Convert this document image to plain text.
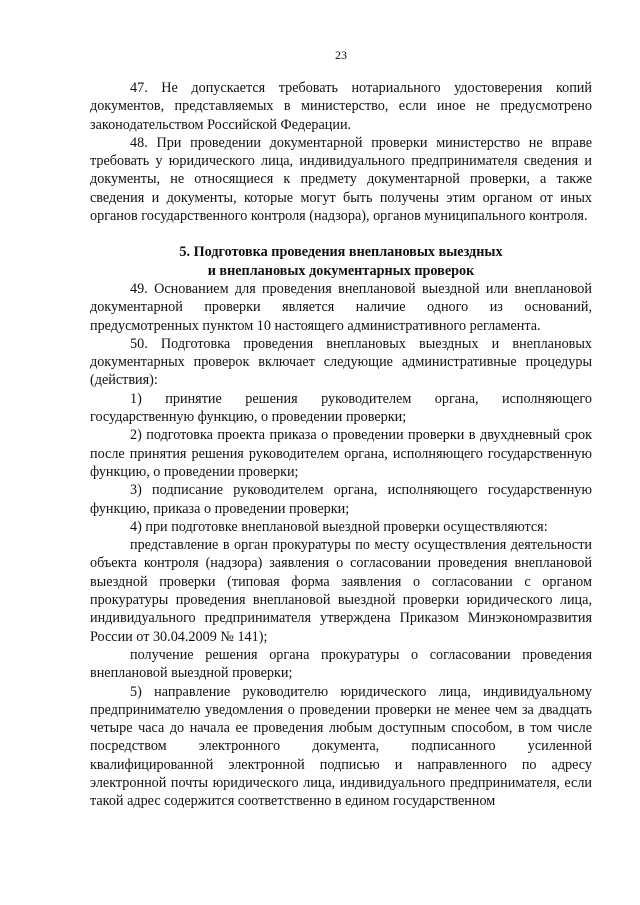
23

47. Не допускается требовать нотариального удостоверения копий документов, представляемых в министерство, если иное не предусмотрено законодательством Российской Федерации.

48. При проведении документарной проверки министерство не вправе требовать у юридического лица, индивидуального предпринимателя сведения и документы, не относящиеся к предмету документарной проверки, а также сведения и документы, которые могут быть получены этим органом от иных органов государственного контроля (надзора), органов муниципального контроля.

5. Подготовка проведения внеплановых выездных
и внеплановых документарных проверок

49. Основанием для проведения внеплановой выездной или внеплановой документарной проверки является наличие одного из оснований, предусмотренных пунктом 10 настоящего административного регламента.

50. Подготовка проведения внеплановых выездных и внеплановых документарных проверок включает следующие административные процедуры (действия):

1) принятие решения руководителем органа, исполняющего государственную функцию, о проведении проверки;

2) подготовка проекта приказа о проведении проверки в двухдневный срок после принятия решения руководителем органа, исполняющего государственную функцию, о проведении проверки;

3) подписание руководителем органа, исполняющего государственную функцию, приказа о проведении проверки;

4) при подготовке внеплановой выездной проверки осуществляются:

представление в орган прокуратуры по месту осуществления деятельности объекта контроля (надзора) заявления о согласовании проведения внеплановой выездной проверки (типовая форма заявления о согласовании с органом прокуратуры проведения внеплановой выездной проверки юридического лица, индивидуального предпринимателя утверждена Приказом Минэкономразвития России от 30.04.2009 № 141);

получение решения органа прокуратуры о согласовании проведения внеплановой выездной проверки;

5) направление руководителю юридического лица, индивидуальному предпринимателю уведомления о проведении проверки не менее чем за двадцать четыре часа до начала ее проведения любым доступным способом, в том числе посредством электронного документа, подписанного усиленной квалифицированной электронной подписью и направленного по адресу электронной почты юридического лица, индивидуального предпринимателя, если такой адрес содержится соответственно в едином государственном
